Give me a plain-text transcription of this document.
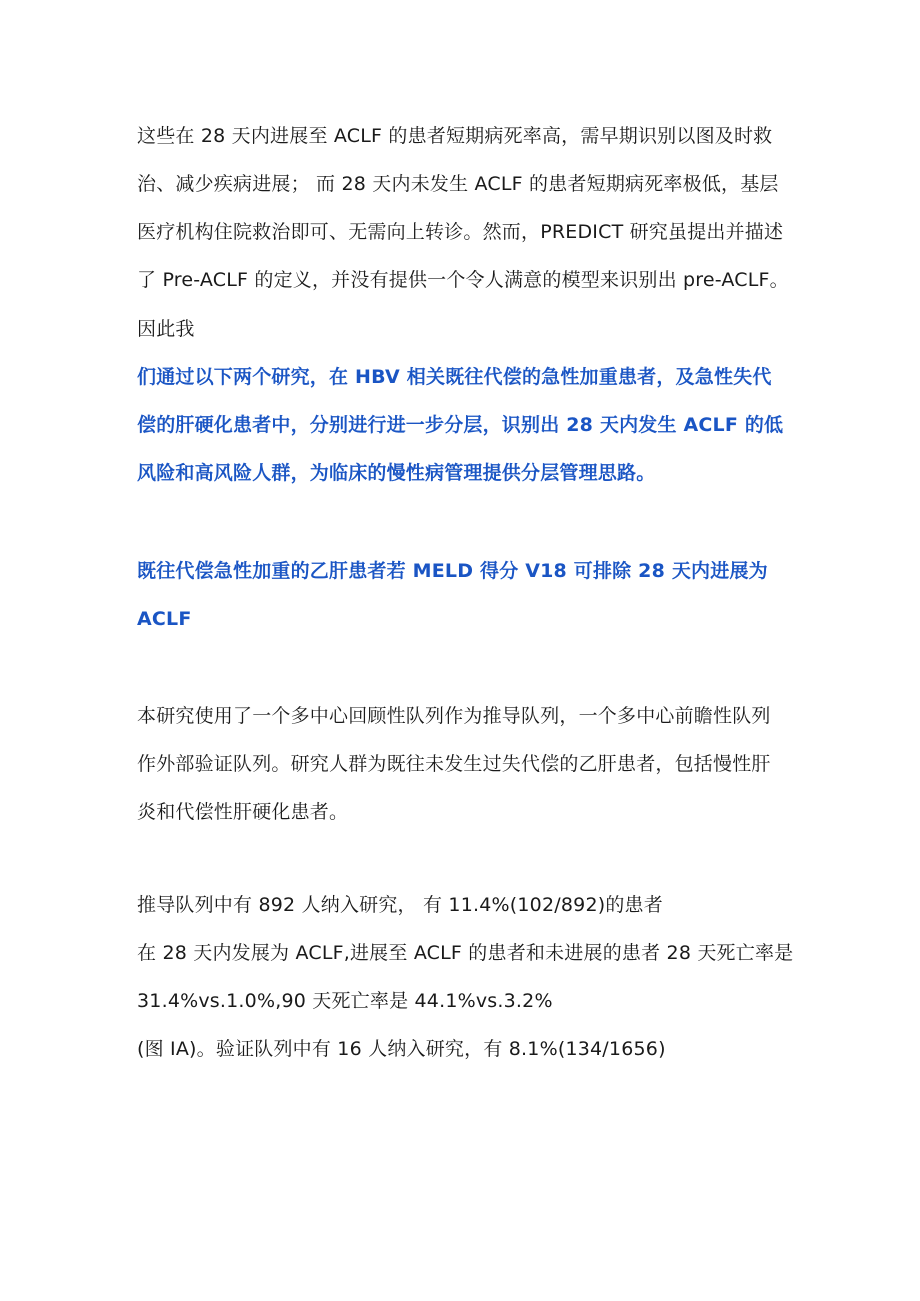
这些在 28 天内进展至 ACLF 的患者短期病死率高，需早期识别以图及时救
治、减少疾病进展； 而 28 天内未发生 ACLF 的患者短期病死率极低，基层
医疗机构住院救治即可、无需向上转诊。然而，PREDICT 研究虽提出并描述
了 Pre-ACLF 的定义，并没有提供一个令人满意的模型来识别出 pre-ACLF。
因此我
们通过以下两个研究，在 HBV 相关既往代偿的急性加重患者，及急性失代
偿的肝硬化患者中，分别进行进一步分层，识别出 28 天内发生 ACLF 的低
风险和高风险人群，为临床的慢性病管理提供分层管理思路。
既往代偿急性加重的乙肝患者若 MELD 得分 V18 可排除 28 天内进展为
ACLF
本研究使用了一个多中心回顾性队列作为推导队列，一个多中心前瞻性队列
作外部验证队列。研究人群为既往未发生过失代偿的乙肝患者，包括慢性肝
炎和代偿性肝硬化患者。
推导队列中有 892 人纳入研究， 有 11.4%(102/892)的患者
在 28 天内发展为 ACLF,进展至 ACLF 的患者和未进展的患者 28 天死亡率是
31.4%vs.1.0%,90 天死亡率是 44.1%vs.3.2%
(图 IA)。验证队列中有 16 人纳入研究，有 8.1%(134/1656)
